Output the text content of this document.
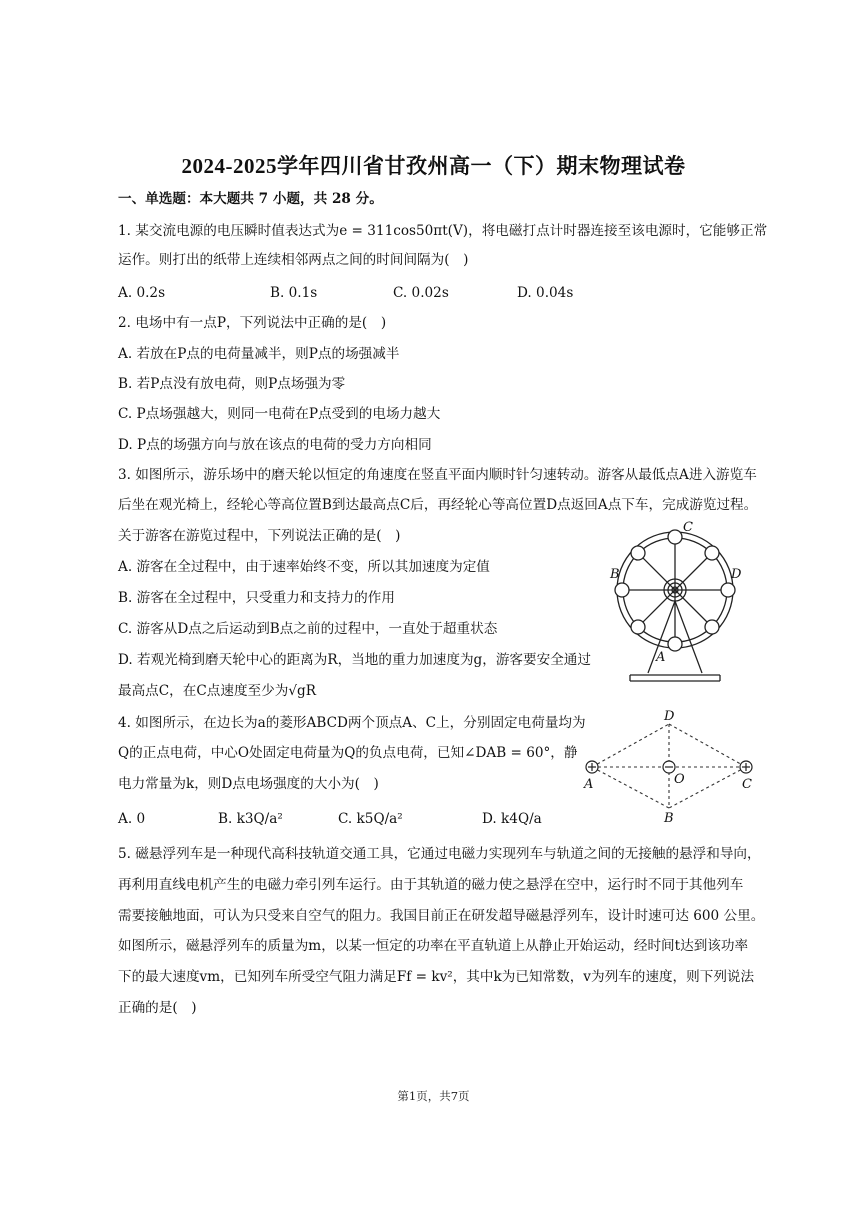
2024-2025学年四川省甘孜州高一（下）期末物理试卷
一、单选题：本大题共 7 小题，共 28 分。
1. 某交流电源的电压瞬时值表达式为e = 311cos50πt(V)，将电磁打点计时器连接至该电源时，它能够正常
运作。则打出的纸带上连续相邻两点之间的时间间隔为(　)
A. 0.2s	B. 0.1s	C. 0.02s	D. 0.04s
2. 电场中有一点P，下列说法中正确的是(　)
A. 若放在P点的电荷量减半，则P点的场强减半
B. 若P点没有放电荷，则P点场强为零
C. P点场强越大，则同一电荷在P点受到的电场力越大
D. P点的场强方向与放在该点的电荷的受力方向相同
3. 如图所示，游乐场中的磨天轮以恒定的角速度在竖直平面内顺时针匀速转动。游客从最低点A进入游览车
后坐在观光椅上，经轮心等高位置B到达最高点C后，再经轮心等高位置D点返回A点下车，完成游览过程。
关于游客在游览过程中，下列说法正确的是(　)
A. 游客在全过程中，由于速率始终不变，所以其加速度为定值
B. 游客在全过程中，只受重力和支持力的作用
C. 游客从D点之后运动到B点之前的过程中，一直处于超重状态
D. 若观光椅到磨天轮中心的距离为R，当地的重力加速度为g，游客要安全通过
最高点C，在C点速度至少为√gR
C
B	D
A
4. 如图所示，在边长为a的菱形ABCD两个顶点A、C上，分别固定电荷量均为
Q的正点电荷，中心O处固定电荷量为Q的负点电荷，已知∠DAB = 60°，静
电力常量为k，则D点电场强度的大小为(　)
A. 0	B. k3Q/a²	C. k5Q/a²	D. k4Q/a
D
A	C
O
B
5. 磁悬浮列车是一种现代高科技轨道交通工具，它通过电磁力实现列车与轨道之间的无接触的悬浮和导向，
再利用直线电机产生的电磁力牵引列车运行。由于其轨道的磁力使之悬浮在空中，运行时不同于其他列车
需要接触地面，可认为只受来自空气的阻力。我国目前正在研发超导磁悬浮列车，设计时速可达 600 公里。
如图所示，磁悬浮列车的质量为m，以某一恒定的功率在平直轨道上从静止开始运动，经时间t达到该功率
下的最大速度vm，已知列车所受空气阻力满足Ff = kv²，其中k为已知常数，v为列车的速度，则下列说法
正确的是(　)
第1页，共7页
